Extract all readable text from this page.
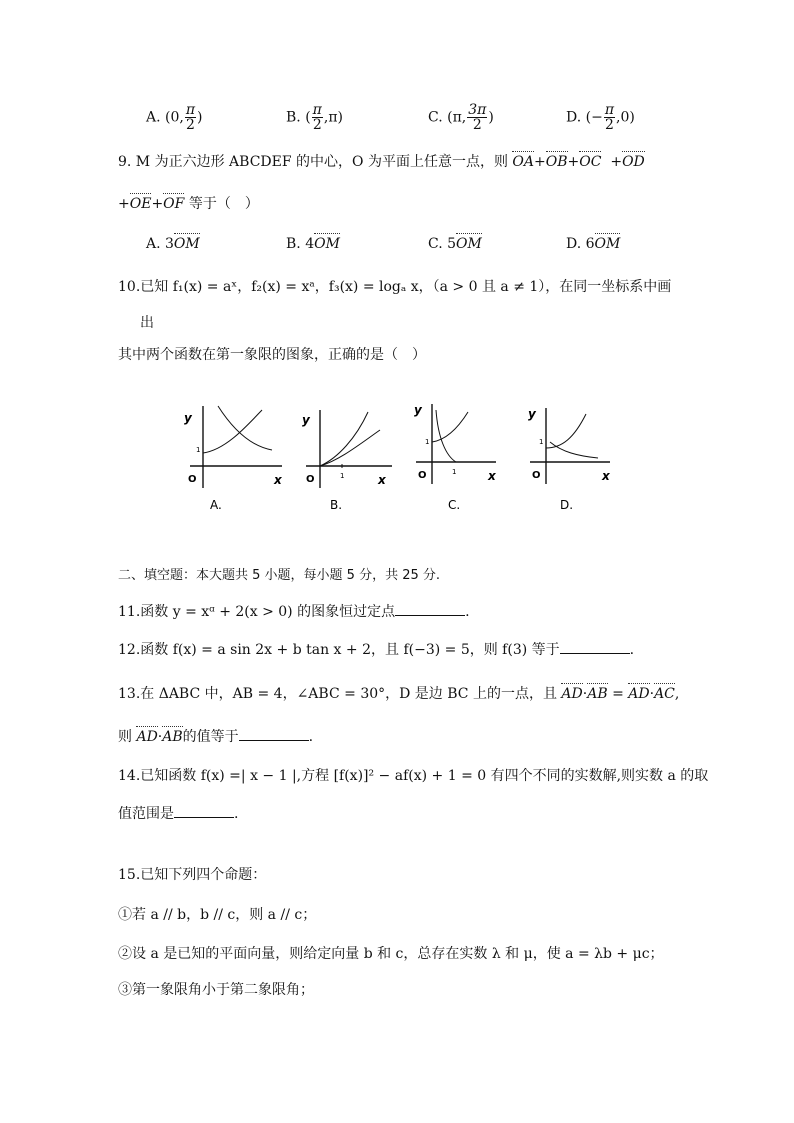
A. (0, $\frac{\pi}{2}$ )	B. ( $\frac{\pi}{2} ,\pi$)	C. (π, $\frac{3\pi}{2}$ )	D. (− $\frac{\pi}{2} ,0$)
9. M 为正六边形 ABCDEF 的中心，O 为平面上任意一点，则 OA+OB+OC  +OD
+OE+OF 等于（　）
A. 3OM	B. 4OM	C. 5OM	D. 6OM
10.已知 f₁(x) = aˣ，f₂(x) = xᵃ，f₃(x) = logₐ x，（a > 0 且 a ≠ 1），在同一坐标系中画
出
其中两个函数在第一象限的图象，正确的是（　）
y
x
O
1
A.
y
x
O	1
B.
y
x
O
1
1
C.
y
x
O
1
D.
二、填空题：本大题共 5 小题，每小题 5 分，共 25 分.
11.函数 y = xᵅ + 2(x > 0) 的图象恒过定点	.
12.函数 f(x) = a sin 2x + b tan x + 2，且 f(−3) = 5，则 f(3) 等于	.
13.在 ΔABC 中，AB = 4，∠ABC = 30°，D 是边 BC 上的一点，且 AD·AB = AD·AC,
则 AD·AB的值等于	.
14.已知函数 f(x) =| x − 1 |,方程 [f(x)]² − af(x) + 1 = 0 有四个不同的实数解,则实数 a 的取
值范围是	.
15.已知下列四个命题：
①若 a // b，b // c，则 a // c；
②设 a 是已知的平面向量，则给定向量 b 和 c，总存在实数 λ 和 μ，使 a = λb + μc；
③第一象限角小于第二象限角；
